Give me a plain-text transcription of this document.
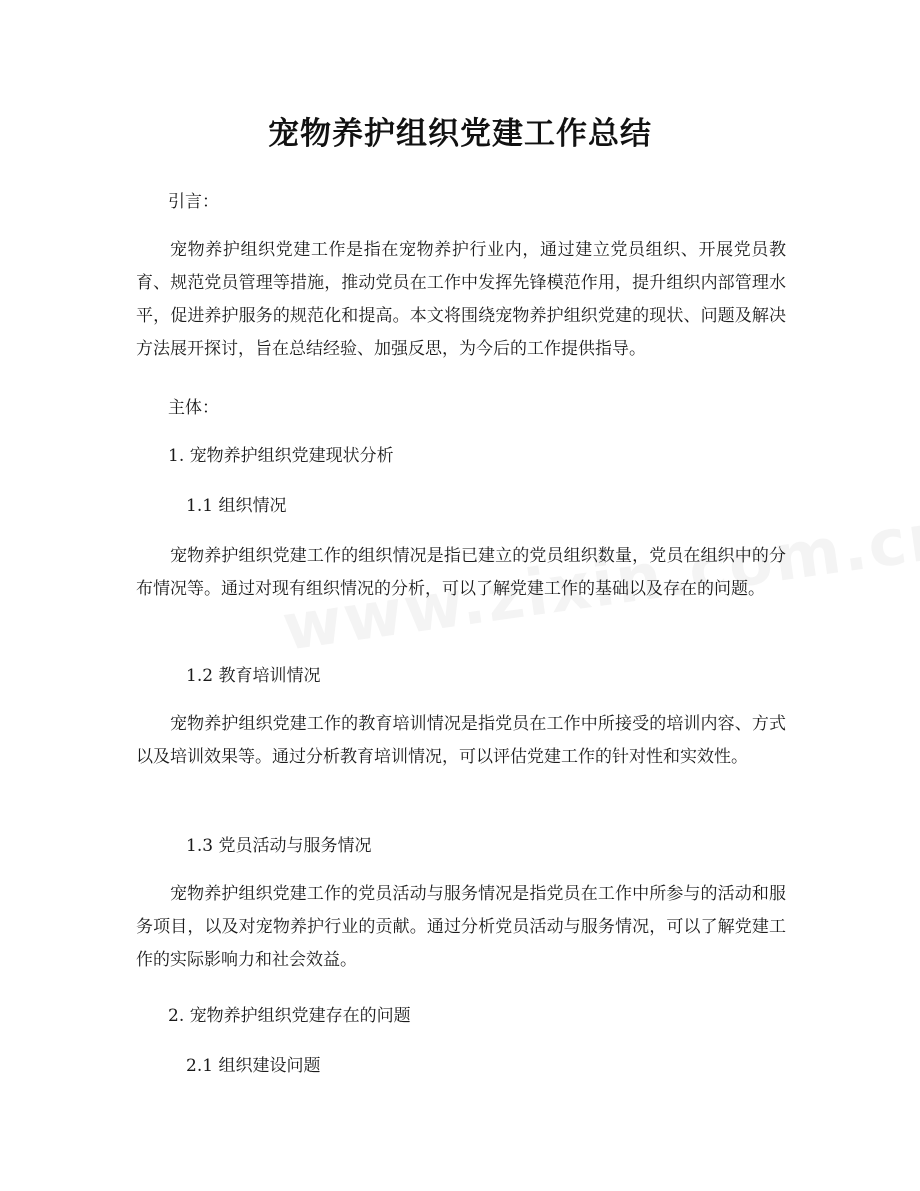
宠物养护组织党建工作总结

引言：

宠物养护组织党建工作是指在宠物养护行业内，通过建立党员组织、开展党员教育、规范党员管理等措施，推动党员在工作中发挥先锋模范作用，提升组织内部管理水平，促进养护服务的规范化和提高。本文将围绕宠物养护组织党建的现状、问题及解决方法展开探讨，旨在总结经验、加强反思，为今后的工作提供指导。

主体：

1. 宠物养护组织党建现状分析

1.1 组织情况

宠物养护组织党建工作的组织情况是指已建立的党员组织数量，党员在组织中的分布情况等。通过对现有组织情况的分析，可以了解党建工作的基础以及存在的问题。

1.2 教育培训情况

宠物养护组织党建工作的教育培训情况是指党员在工作中所接受的培训内容、方式以及培训效果等。通过分析教育培训情况，可以评估党建工作的针对性和实效性。

1.3 党员活动与服务情况

宠物养护组织党建工作的党员活动与服务情况是指党员在工作中所参与的活动和服务项目，以及对宠物养护行业的贡献。通过分析党员活动与服务情况，可以了解党建工作的实际影响力和社会效益。

2. 宠物养护组织党建存在的问题

2.1 组织建设问题
